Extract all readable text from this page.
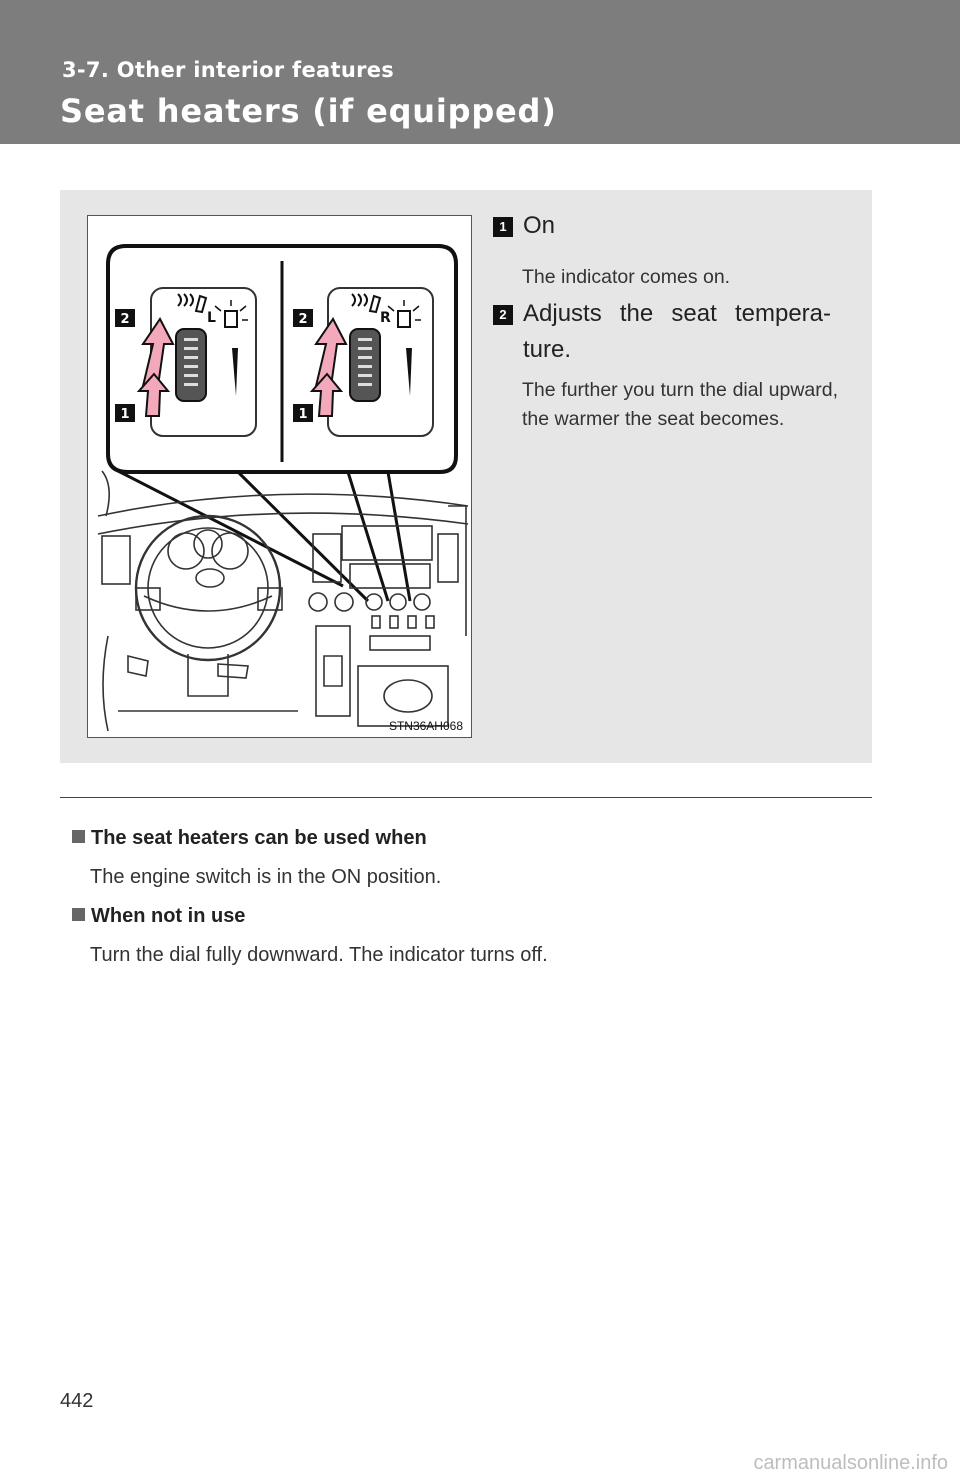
3-7. Other interior features
Seat heaters (if equipped)
L	R
2
1
2
1
STN36AH068
1 On
The indicator comes on.
2 Adjusts the seat tempera-ture.
The further you turn the dial upward, the warmer the seat becomes.
The seat heaters can be used when
The engine switch is in the ON position.
When not in use
Turn the dial fully downward. The indicator turns off.
442
carmanualsonline.info
